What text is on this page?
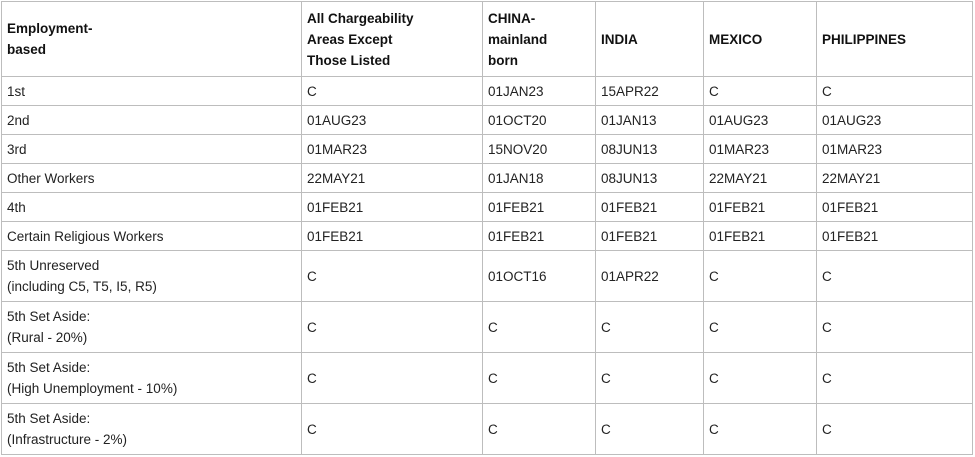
Employment-
based	All Chargeability
Areas Except
Those Listed	CHINA-
mainland
born	INDIA	MEXICO	PHILIPPINES
1st	C	01JAN23	15APR22	C	C
2nd	01AUG23	01OCT20	01JAN13	01AUG23	01AUG23
3rd	01MAR23	15NOV20	08JUN13	01MAR23	01MAR23
Other Workers	22MAY21	01JAN18	08JUN13	22MAY21	22MAY21
4th	01FEB21	01FEB21	01FEB21	01FEB21	01FEB21
Certain Religious Workers	01FEB21	01FEB21	01FEB21	01FEB21	01FEB21
5th Unreserved
(including C5, T5, I5, R5)	C	01OCT16	01APR22	C	C
5th Set Aside:
(Rural - 20%)	C	C	C	C	C
5th Set Aside:
(High Unemployment - 10%)	C	C	C	C	C
5th Set Aside:
(Infrastructure - 2%)	C	C	C	C	C
